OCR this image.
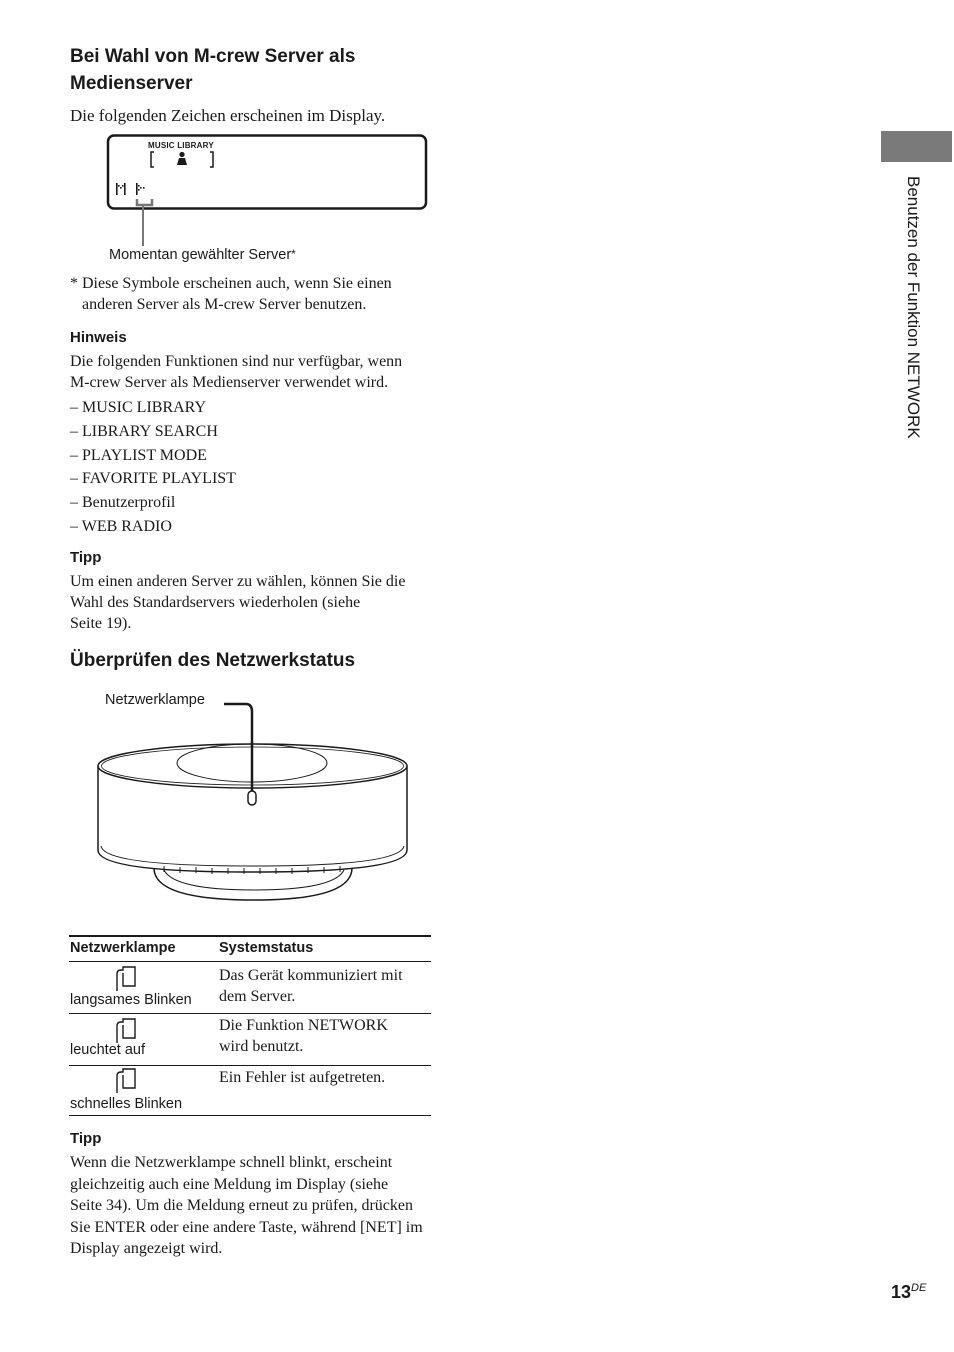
Bei Wahl von M-crew Server als
Medienserver
Die folgenden Zeichen erscheinen im Display.
MUSIC LIBRARY
Momentan gewählter Server*
* Diese Symbole erscheinen auch, wenn Sie einen
anderen Server als M-crew Server benutzen.
Hinweis
Die folgenden Funktionen sind nur verfügbar, wenn
M-crew Server als Medienserver verwendet wird.
– MUSIC LIBRARY
– LIBRARY SEARCH
– PLAYLIST MODE
– FAVORITE PLAYLIST
– Benutzerprofil
– WEB RADIO
Tipp
Um einen anderen Server zu wählen, können Sie die
Wahl des Standardservers wiederholen (siehe
Seite 19).
Überprüfen des Netzwerkstatus
Netzwerklampe
Netzwerklampe	Systemstatus
langsames Blinken
Das Gerät kommuniziert mit
dem Server.
leuchtet auf
Die Funktion NETWORK
wird benutzt.
schnelles Blinken
Ein Fehler ist aufgetreten.
Tipp
Wenn die Netzwerklampe schnell blinkt, erscheint
gleichzeitig auch eine Meldung im Display (siehe
Seite 34). Um die Meldung erneut zu prüfen, drücken
Sie ENTER oder eine andere Taste, während [NET] im
Display angezeigt wird.
Benutzen der Funktion NETWORK
13DE
